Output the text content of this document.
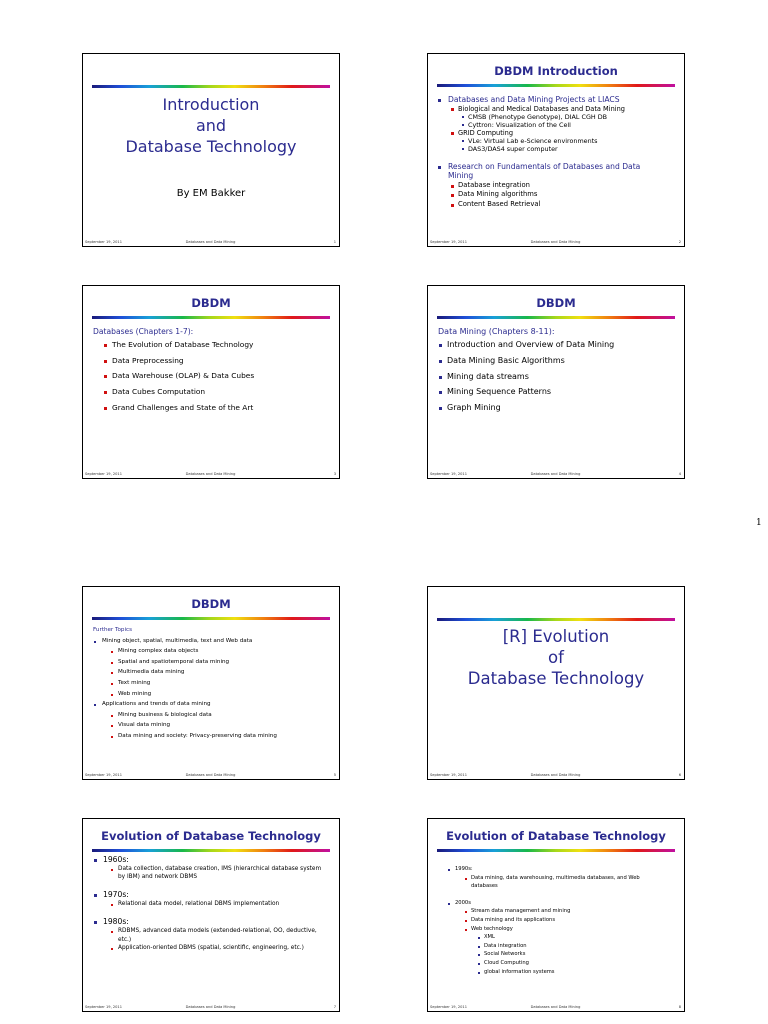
1
Introduction
and
Database Technology
By EM Bakker
September 19, 2011	Databases and Data Mining	1
DBDM Introduction
Databases and Data Mining Projects at LIACS
Biological and Medical Databases and Data Mining
CMSB (Phenotype Genotype), DIAL CGH DB
Cyttron: Visualization of the Cell
GRID Computing
VLe: Virtual Lab e-Science environments
DAS3/DAS4 super computer
Research on Fundamentals of Databases and Data Mining
Database integration
Data Mining algorithms
Content Based Retrieval
September 19, 2011	Databases and Data Mining	2
DBDM
Databases (Chapters 1-7):
The Evolution of Database Technology
Data Preprocessing
Data Warehouse (OLAP) & Data Cubes
Data Cubes Computation
Grand Challenges and State of the Art
September 19, 2011	Databases and Data Mining	3
DBDM
Data Mining (Chapters 8-11):
Introduction and Overview of Data Mining
Data Mining Basic Algorithms
Mining data streams
Mining Sequence Patterns
Graph Mining
September 19, 2011	Databases and Data Mining	4
DBDM
Further Topics
Mining object, spatial, multimedia, text and Web data
Mining complex data objects
Spatial and spatiotemporal data mining
Multimedia data mining
Text mining
Web mining
Applications and trends of data mining
Mining business & biological data
Visual data mining
Data mining and society: Privacy-preserving data mining
September 19, 2011	Databases and Data Mining	5
[R] Evolution
of
Database Technology
September 19, 2011	Databases and Data Mining	6
Evolution of Database Technology
1960s:
Data collection, database creation, IMS (hierarchical database system by IBM) and network DBMS
1970s:
Relational data model, relational DBMS implementation
1980s:
RDBMS, advanced data models (extended-relational, OO, deductive, etc.)
Application-oriented DBMS (spatial, scientific, engineering, etc.)
September 19, 2011	Databases and Data Mining	7
Evolution of Database Technology
1990s:
Data mining, data warehousing, multimedia databases, and Web databases
2000s
Stream data management and mining
Data mining and its applications
Web technology
XML
Data integration
Social Networks
Cloud Computing
global information systems
September 19, 2011	Databases and Data Mining	8
